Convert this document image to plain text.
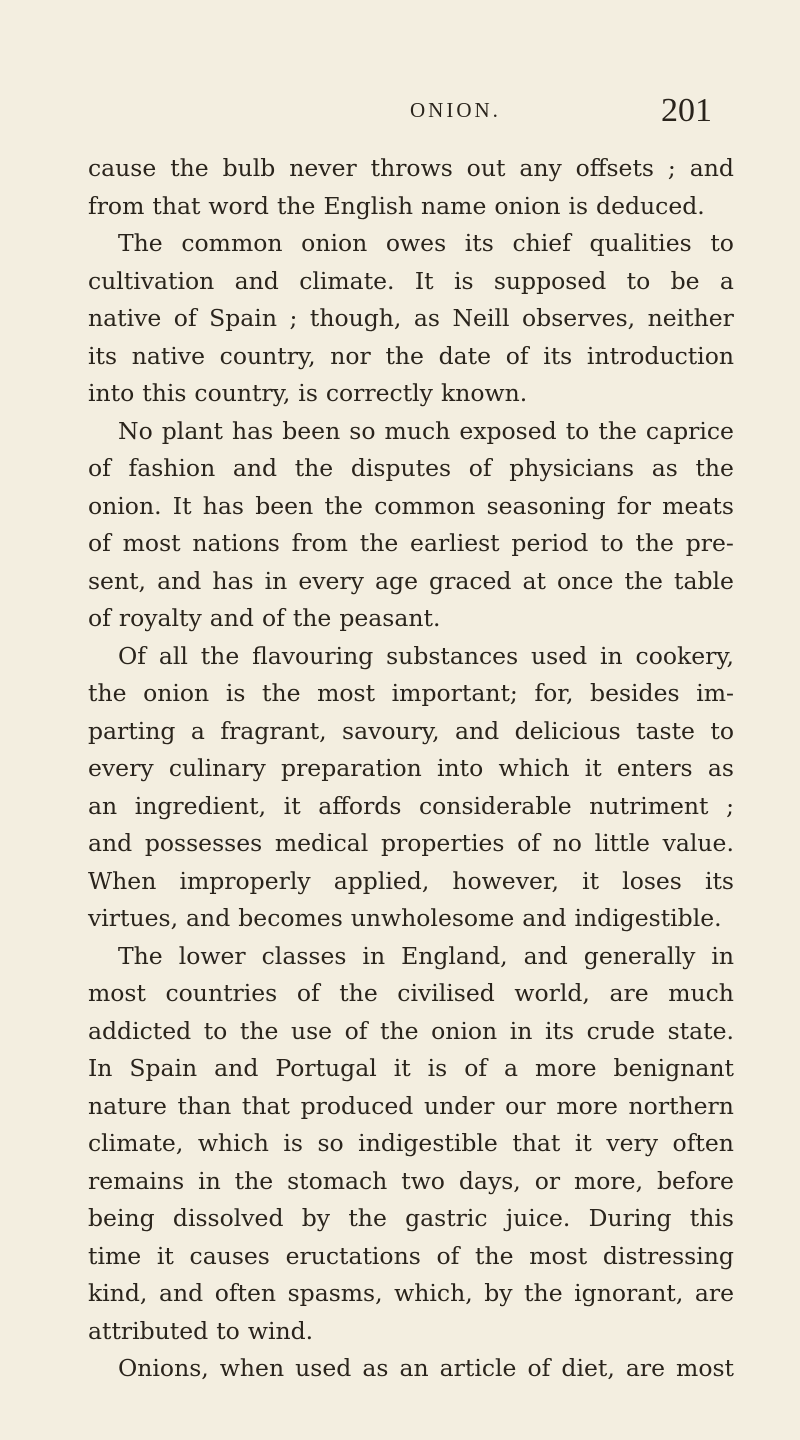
ONION.	201
cause the bulb never throws out any offsets ; and
from that word the English name onion is deduced.
The common onion owes its chief qualities to
cultivation and climate. It is supposed to be a
native of Spain ; though, as Neill observes, neither
its native country, nor the date of its introduction
into this country, is correctly known.
No plant has been so much exposed to the caprice
of fashion and the disputes of physicians as the
onion. It has been the common seasoning for meats
of most nations from the earliest period to the pre-
sent, and has in every age graced at once the table
of royalty and of the peasant.
Of all the flavouring substances used in cookery,
the onion is the most important; for, besides im-
parting a fragrant, savoury, and delicious taste to
every culinary preparation into which it enters as
an ingredient, it affords considerable nutriment ;
and possesses medical properties of no little value.
When improperly applied, however, it loses its
virtues, and becomes unwholesome and indigestible.
The lower classes in England, and generally in
most countries of the civilised world, are much
addicted to the use of the onion in its crude state.
In Spain and Portugal it is of a more benignant
nature than that produced under our more northern
climate, which is so indigestible that it very often
remains in the stomach two days, or more, before
being dissolved by the gastric juice. During this
time it causes eructations of the most distressing
kind, and often spasms, which, by the ignorant, are
attributed to wind.
Onions, when used as an article of diet, are most
